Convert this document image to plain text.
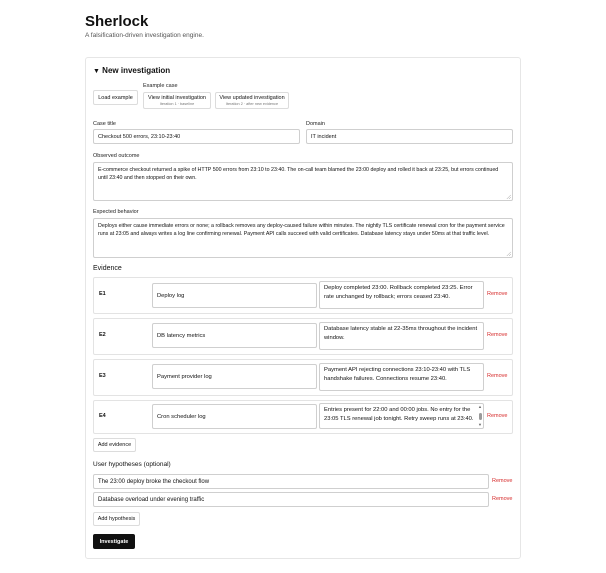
Sherlock
A falsification-driven investigation engine.
▼ New investigation
Example case
Load example	View initial investigation
Iteration 1 · baseline
View updated investigation
Iteration 2 · after new evidence
Case title
Checkout 500 errors, 23:10-23:40
Domain
IT incident
Observed outcome
E-commerce checkout returned a spike of HTTP 500 errors from 23:10 to 23:40. The on-call team blamed the 23:00 deploy and rolled it back at 23:25, but errors continued until 23:40 and then stopped on their own.
Expected behavior
Deploys either cause immediate errors or none; a rollback removes any deploy-caused failure within minutes. The nightly TLS certificate renewal cron for the payment service runs at 23:05 and always writes a log line confirming renewal. Payment API calls succeed with valid certificates. Database latency stays under 50ms at that traffic level.
Evidence
E1	Deploy log
Deploy completed 23:00. Rollback completed 23:25. Error rate unchanged by rollback; errors ceased 23:40.
Remove
E2	DB latency metrics
Database latency stable at 22-35ms throughout the incident window.
Remove
E3	Payment provider log
Payment API rejecting connections 23:10-23:40 with TLS handshake failures. Connections resume 23:40.
Remove
E4	Cron scheduler log
Entries present for 22:00 and 00:00 jobs. No entry for the 23:05 TLS renewal job tonight. Retry sweep runs at 23:40.
▲
▼
Remove
Add evidence
User hypotheses (optional)
The 23:00 deploy broke the checkout flow	Remove
Database overload under evening traffic	Remove
Add hypothesis
Investigate
